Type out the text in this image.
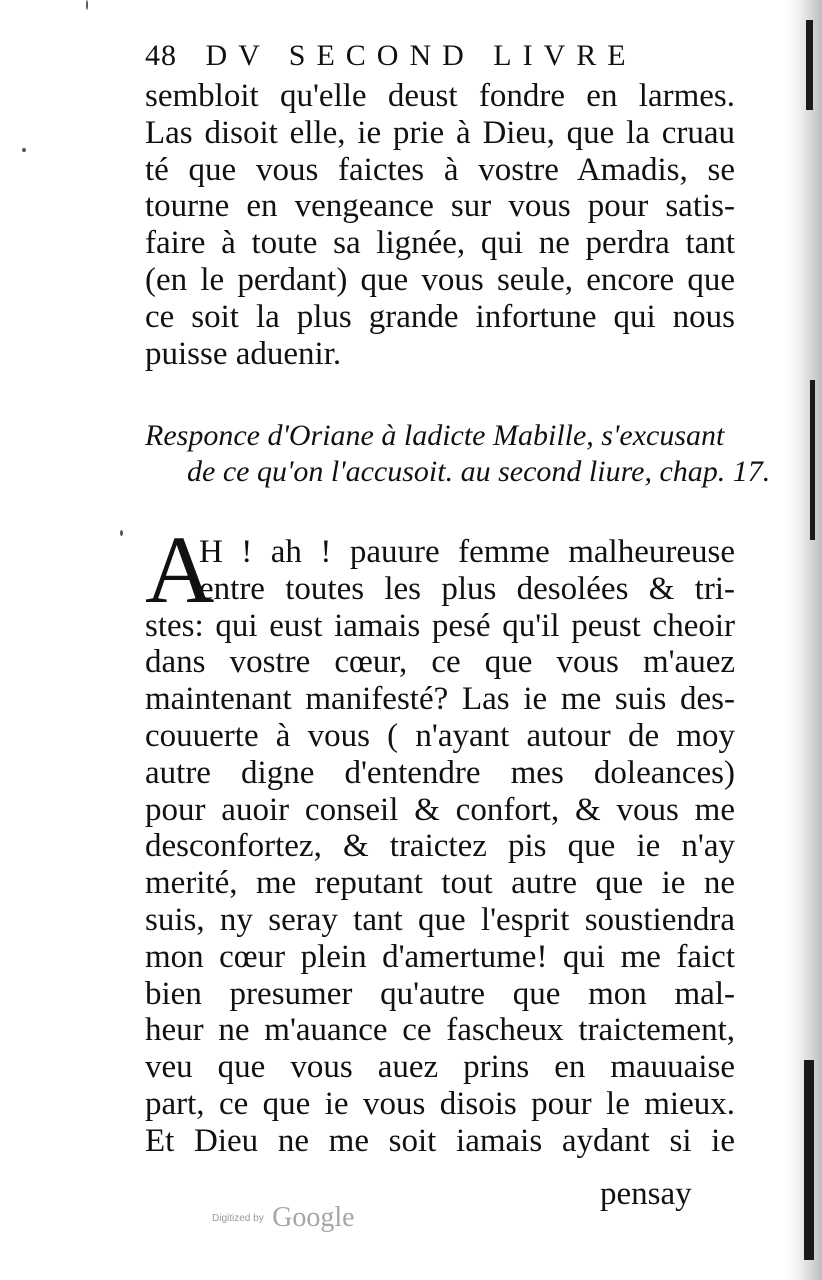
48 DV SECOND LIVRE
sembloit qu'elle deust fondre en larmes.
Las disoit elle, ie prie à Dieu, que la cruau
té que vous faictes à vostre Amadis, se
tourne en vengeance sur vous pour satis-
faire à toute sa lignée, qui ne perdra tant
(en le perdant) que vous seule, encore que
ce soit la plus grande infortune qui nous
puisse aduenir.
Responce d'Oriane à ladicte Mabille, s'excusant
de ce qu'on l'accusoit. au second liure, chap. 17.
A
H ! ah ! pauure femme malheureuse
entre toutes les plus desolées & tri-
stes: qui eust iamais pesé qu'il peust cheoir
dans vostre cœur, ce que vous m'auez
maintenant manifesté? Las ie me suis des-
couuerte à vous ( n'ayant autour de moy
autre digne d'entendre mes doleances)
pour auoir conseil & confort, & vous me
desconfortez, & traictez pis que ie n'ay
merité, me reputant tout autre que ie ne
suis, ny seray tant que l'esprit soustiendra
mon cœur plein d'amertume! qui me faict
bien presumer qu'autre que mon mal-
heur ne m'auance ce fascheux traictement,
veu que vous auez prins en mauuaise
part, ce que ie vous disois pour le mieux.
Et Dieu ne me soit iamais aydant si ie
pensay
Digitized by Google
